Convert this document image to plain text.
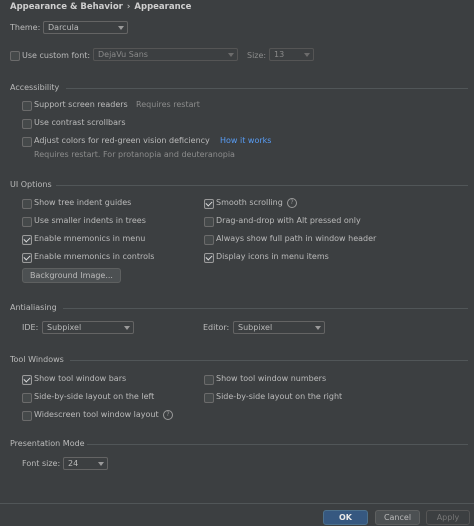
Appearance & Behavior › Appearance
Theme: Darcula
Use custom font: DejaVu Sans	Size: 13
Accessibility
Support screen readers Requires restart
Use contrast scrollbars
Adjust colors for red-green vision deficiency How it works
Requires restart. For protanopia and deuteranopia
UI Options
Show tree indent guides	Smooth scrolling	?
Use smaller indents in trees	Drag-and-drop with Alt pressed only
Enable mnemonics in menu	Always show full path in window header
Enable mnemonics in controls	Display icons in menu items
Background Image...
Antialiasing
IDE: Subpixel	Editor: Subpixel
Tool Windows
Show tool window bars	Show tool window numbers
Side-by-side layout on the left	Side-by-side layout on the right
Widescreen tool window layout	?
Presentation Mode
Font size: 24
OK	Cancel	Apply
